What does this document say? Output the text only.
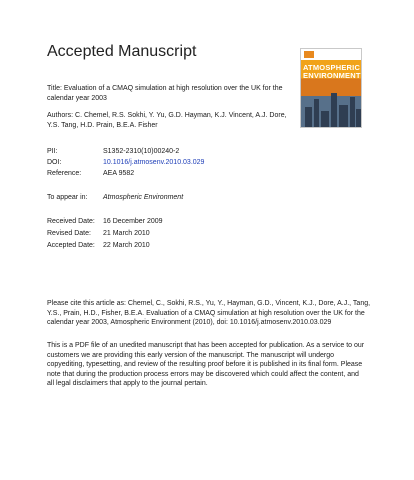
Accepted Manuscript
ATMOSPHERIC
ENVIRONMENT
Title: Evaluation of a CMAQ simulation at high resolution over the UK for the calendar year 2003
Authors: C. Chemel, R.S. Sokhi, Y. Yu, G.D. Hayman, K.J. Vincent, A.J. Dore, Y.S. Tang, H.D. Prain, B.E.A. Fisher
PII:	S1352-2310(10)00240-2
DOI:	10.1016/j.atmosenv.2010.03.029
Reference:	AEA 9582
To appear in: Atmospheric Environment
Received Date: 16 December 2009
Revised Date: 21 March 2010
Accepted Date: 22 March 2010
Please cite this article as: Chemel, C., Sokhi, R.S., Yu, Y., Hayman, G.D., Vincent, K.J., Dore, A.J., Tang, Y.S., Prain, H.D., Fisher, B.E.A. Evaluation of a CMAQ simulation at high resolution over the UK for the calendar year 2003, Atmospheric Environment (2010), doi: 10.1016/j.atmosenv.2010.03.029
This is a PDF file of an unedited manuscript that has been accepted for publication. As a service to our customers we are providing this early version of the manuscript. The manuscript will undergo copyediting, typesetting, and review of the resulting proof before it is published in its final form. Please note that during the production process errors may be discovered which could affect the content, and all legal disclaimers that apply to the journal pertain.
